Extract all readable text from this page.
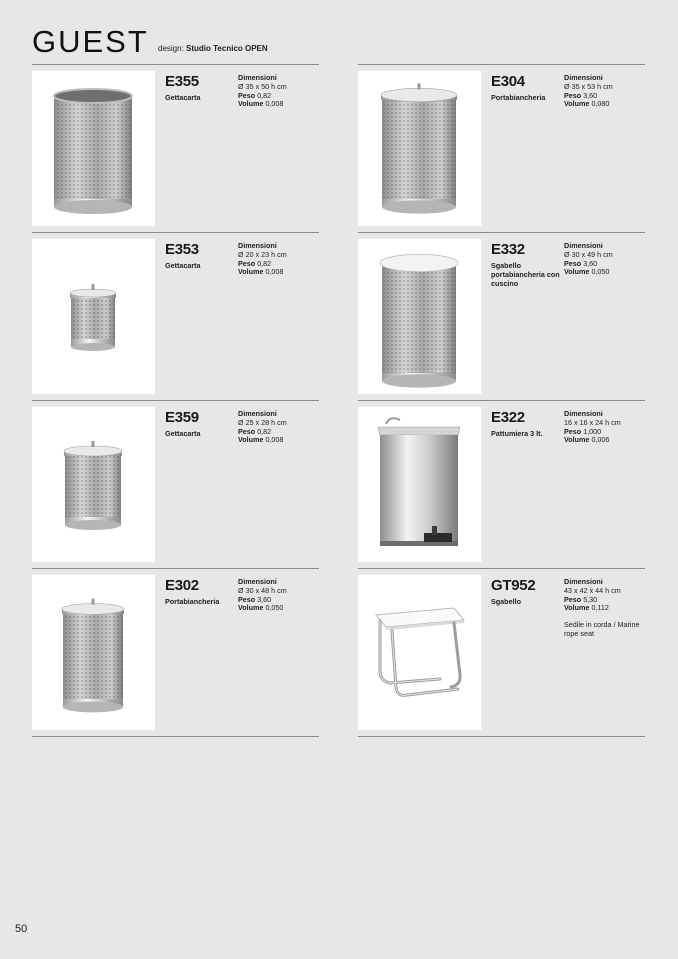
GUEST design: Studio Tecnico OPEN
E355
Gettacarta
Dimensioni
Ø 35 x 50 h cm
Peso 0,82
Volume 0,008
E304
Portabiancheria
Dimensioni
Ø 35 x 53 h cm
Peso 3,60
Volume 0,080
E353
Gettacarta
Dimensioni
Ø 20 x 23 h cm
Peso 0,82
Volume 0,008
E332
Sgabello portabiancheria con cuscino
Dimensioni
Ø 30 x 49 h cm
Peso 3,60
Volume 0,050
E359
Gettacarta
Dimensioni
Ø 25 x 28 h cm
Peso 0,82
Volume 0,008
E322
Pattumiera 3 lt.
Dimensioni
16 x 16 x 24 h cm
Peso 1,000
Volume 0,006
E302
Portabiancheria
Dimensioni
Ø 30 x 48 h cm
Peso 3,60
Volume 0,050
GT952
Sgabello
Dimensioni
43 x 42 x 44 h cm
Peso 5,30
Volume 0,112
Sedile in corda / Marine rope seat
50
